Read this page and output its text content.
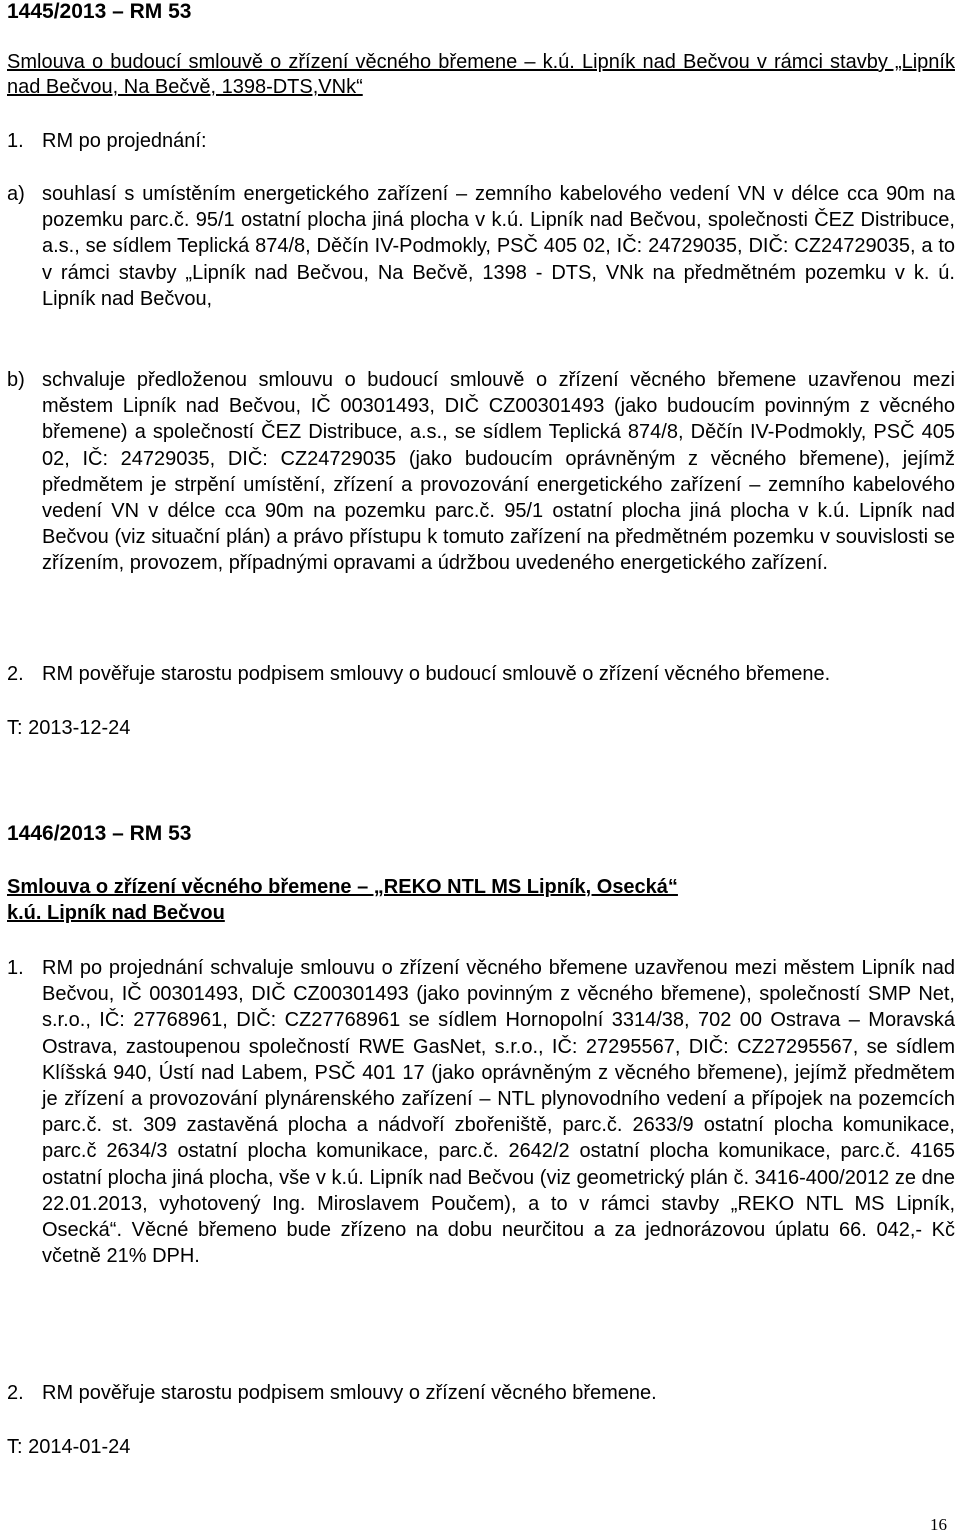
1445/2013 – RM 53

Smlouva o budoucí smlouvě o zřízení věcného břemene – k.ú. Lipník nad Bečvou v rámci stavby „Lipník nad Bečvou, Na Bečvě, 1398-DTS,VNk“

1. RM po projednání:
a) souhlasí s umístěním energetického zařízení – zemního kabelového vedení VN v délce cca 90m na pozemku parc.č. 95/1 ostatní plocha jiná plocha v k.ú. Lipník nad Bečvou, společnosti ČEZ Distribuce, a.s., se sídlem Teplická 874/8, Děčín IV-Podmokly, PSČ 405 02, IČ: 24729035, DIČ: CZ24729035, a to v rámci stavby „Lipník nad Bečvou, Na Bečvě, 1398 - DTS, VNk na předmětném pozemku v k. ú. Lipník nad Bečvou,
b) schvaluje předloženou smlouvu o budoucí smlouvě o zřízení věcného břemene uzavřenou mezi městem Lipník nad Bečvou, IČ 00301493, DIČ CZ00301493 (jako budoucím povinným z věcného břemene) a společností ČEZ Distribuce, a.s., se sídlem Teplická 874/8, Děčín IV-Podmokly, PSČ 405 02, IČ: 24729035, DIČ: CZ24729035 (jako budoucím oprávněným z věcného břemene), jejímž předmětem je strpění umístění, zřízení a provozování energetického zařízení – zemního kabelového vedení VN v délce cca 90m na pozemku parc.č. 95/1 ostatní plocha jiná plocha v k.ú. Lipník nad Bečvou (viz situační plán) a právo přístupu k tomuto zařízení na předmětném pozemku v souvislosti se zřízením, provozem, případnými opravami a údržbou uvedeného energetického zařízení.
2. RM pověřuje starostu podpisem smlouvy o budoucí smlouvě o zřízení věcného břemene.

T: 2013-12-24

1446/2013 – RM 53

Smlouva o zřízení věcného břemene – „REKO NTL MS Lipník, Osecká“

k.ú. Lipník nad Bečvou

1. RM po projednání schvaluje smlouvu o zřízení věcného břemene uzavřenou mezi městem Lipník nad Bečvou, IČ 00301493, DIČ CZ00301493 (jako povinným z věcného břemene), společností SMP Net, s.r.o., IČ: 27768961, DIČ: CZ27768961 se sídlem Hornopolní 3314/38, 702 00 Ostrava – Moravská Ostrava, zastoupenou společností RWE GasNet, s.r.o., IČ: 27295567, DIČ: CZ27295567, se sídlem Klíšská 940, Ústí nad Labem, PSČ 401 17 (jako oprávněným z věcného břemene), jejímž předmětem je zřízení a provozování plynárenského zařízení – NTL plynovodního vedení a přípojek na pozemcích parc.č. st. 309 zastavěná plocha a nádvoří zbořeniště, parc.č. 2633/9 ostatní plocha komunikace, parc.č 2634/3 ostatní plocha komunikace, parc.č. 2642/2 ostatní plocha komunikace, parc.č. 4165 ostatní plocha jiná plocha, vše v k.ú. Lipník nad Bečvou (viz geometrický plán č. 3416-400/2012 ze dne 22.01.2013, vyhotovený Ing. Miroslavem Poučem), a to v rámci stavby „REKO NTL MS Lipník, Osecká“. Věcné břemeno bude zřízeno na dobu neurčitou a za jednorázovou úplatu 66. 042,- Kč včetně 21% DPH.
2. RM pověřuje starostu podpisem smlouvy o zřízení věcného břemene.

T: 2014-01-24

16
